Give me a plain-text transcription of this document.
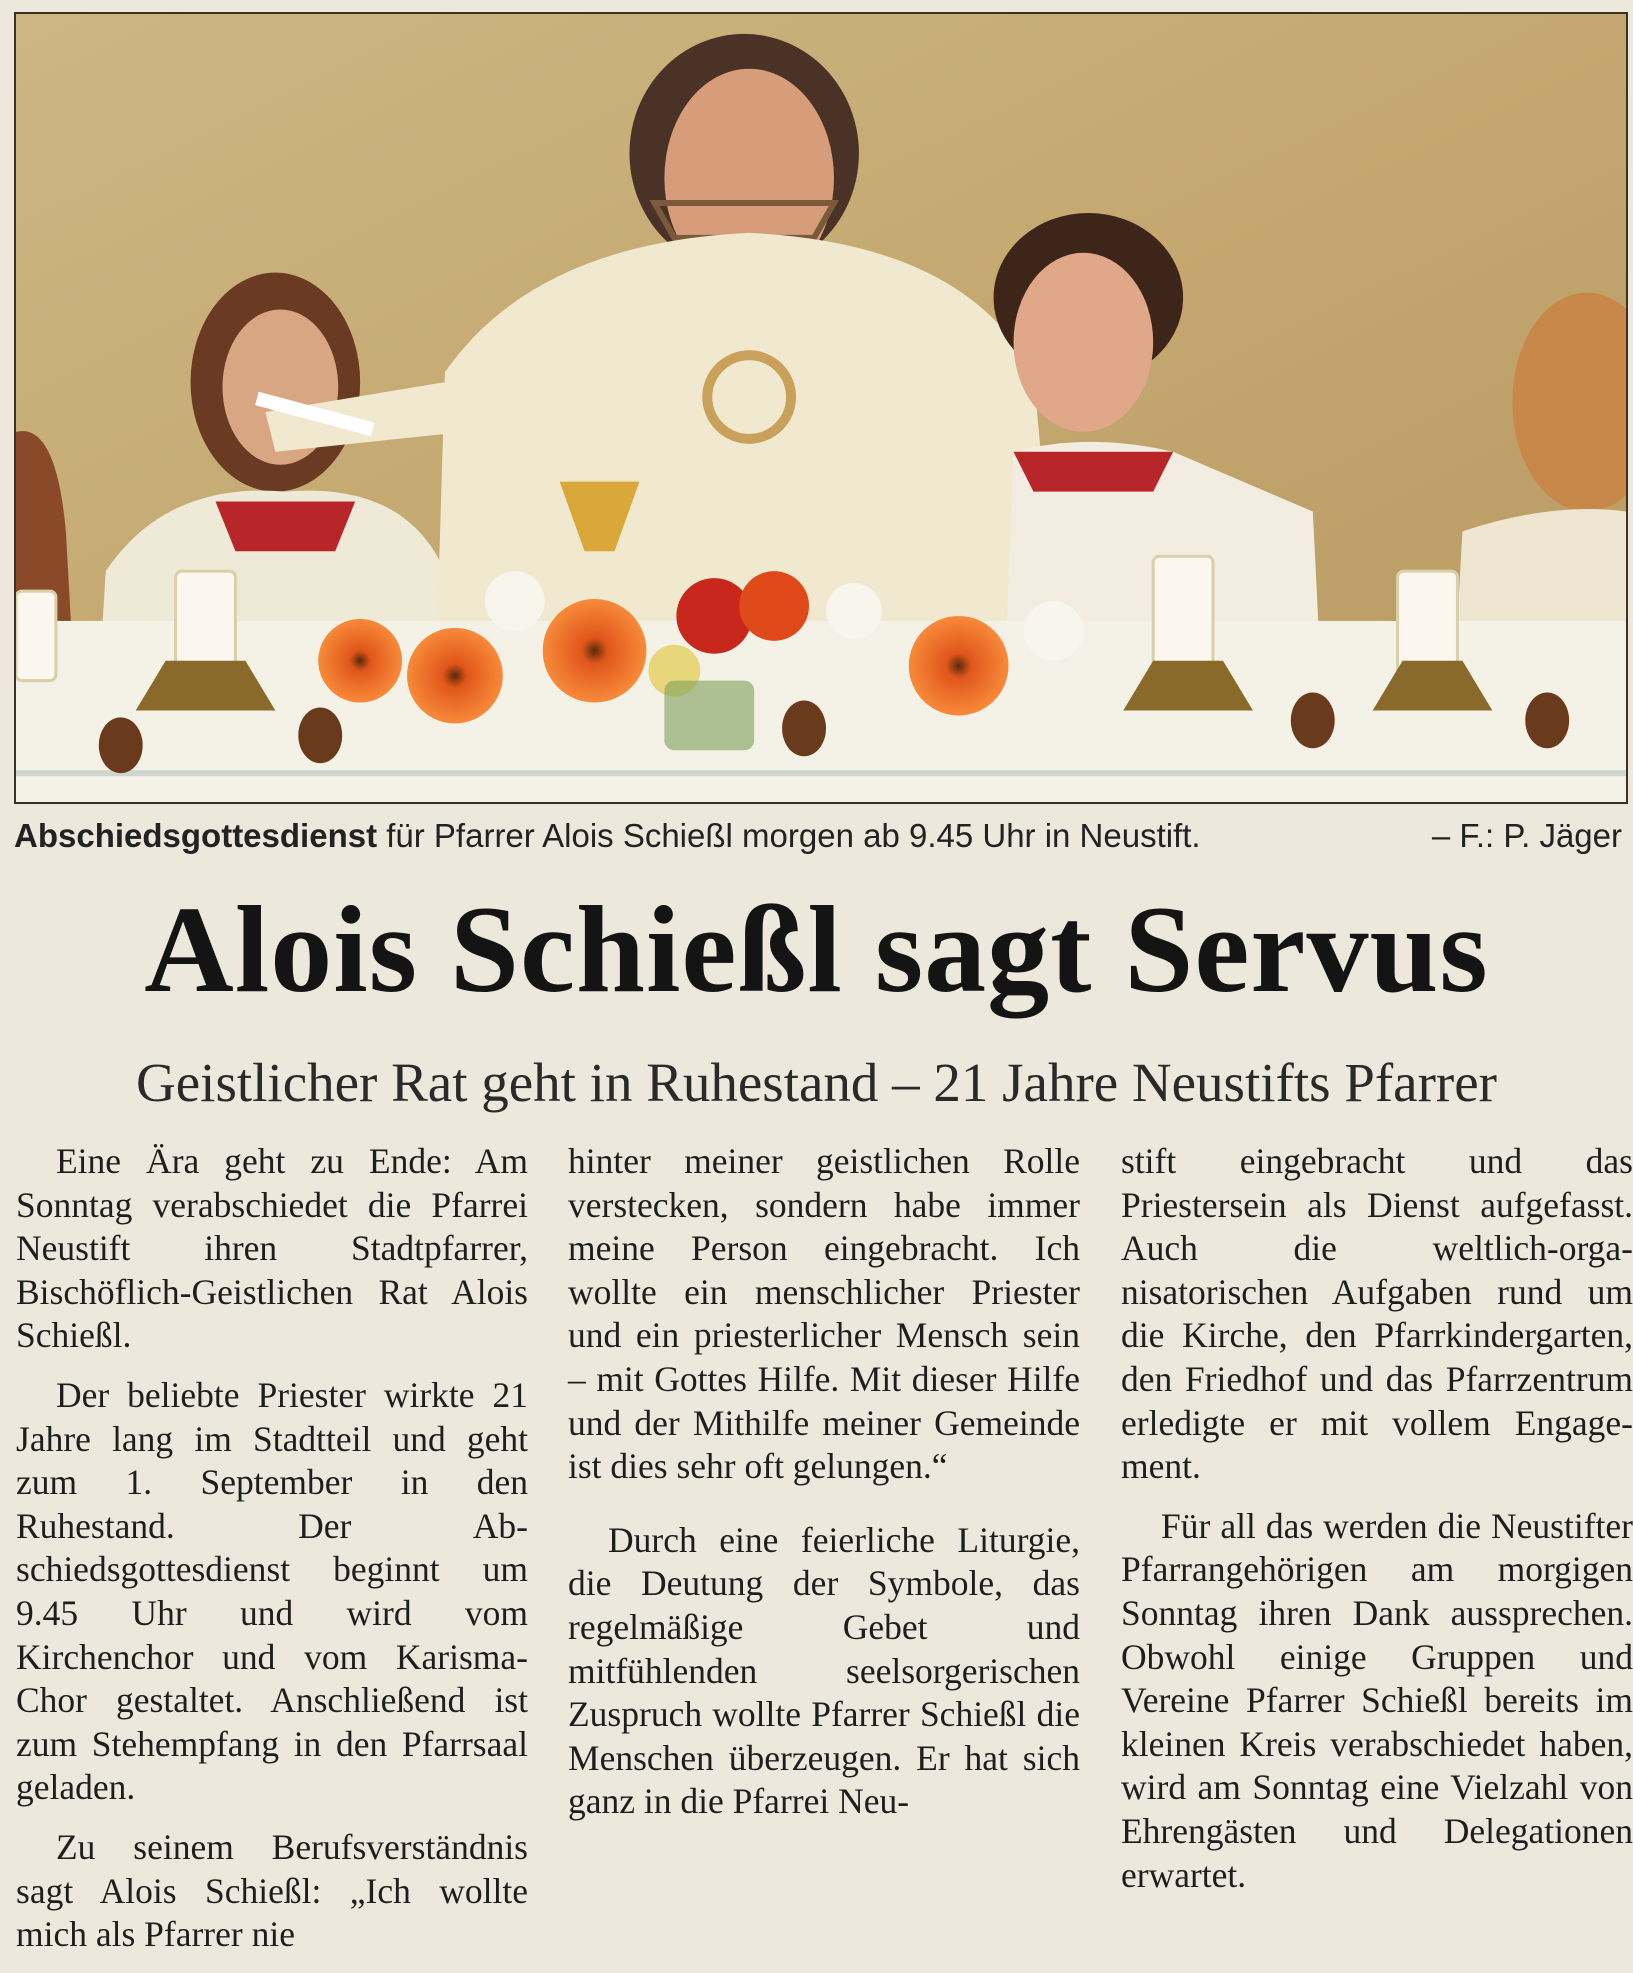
Abschiedsgottesdienst für Pfarrer Alois Schießl morgen ab 9.45 Uhr in Neustift.	– F.: P. Jäger
Alois Schießl sagt Servus
Geistlicher Rat geht in Ruhestand – 21 Jahre Neustifts Pfarrer

Eine Ära geht zu Ende: Am Sonntag verabschiedet die Pfarrei Neustift ihren Stadtpfarrer, Bischöflich-Geistlichen Rat Alois Schießl.

Der beliebte Priester wirkte 21 Jahre lang im Stadtteil und geht zum 1. September in den Ruhestand. Der Abschiedsgottesdienst beginnt um 9.45 Uhr und wird vom Kirchenchor und vom Karisma-Chor gestaltet. Anschließend ist zum Stehempfang in den Pfarrsaal geladen.

Zu seinem Berufsverständnis sagt Alois Schießl: „Ich wollte mich als Pfarrer nie

hinter meiner geistlichen Rolle verstecken, sondern habe immer meine Person eingebracht. Ich wollte ein menschlicher Priester und ein priesterlicher Mensch sein – mit Gottes Hilfe. Mit dieser Hilfe und der Mithilfe meiner Gemeinde ist dies sehr oft gelungen.“

Durch eine feierliche Liturgie, die Deutung der Symbole, das regelmäßige Gebet und mitfühlenden seelsorgerischen Zuspruch wollte Pfarrer Schießl die Menschen überzeugen. Er hat sich ganz in die Pfarrei Neu-

stift eingebracht und das Priestersein als Dienst aufgefasst. Auch die weltlich-organisatorischen Aufgaben rund um die Kirche, den Pfarrkindergarten, den Friedhof und das Pfarrzentrum erledigte er mit vollem Engagement.

Für all das werden die Neustifter Pfarrangehörigen am morgigen Sonntag ihren Dank aussprechen. Obwohl einige Gruppen und Vereine Pfarrer Schießl bereits im kleinen Kreis verabschiedet haben, wird am Sonntag eine Vielzahl von Ehrengästen und Delegationen erwartet.
